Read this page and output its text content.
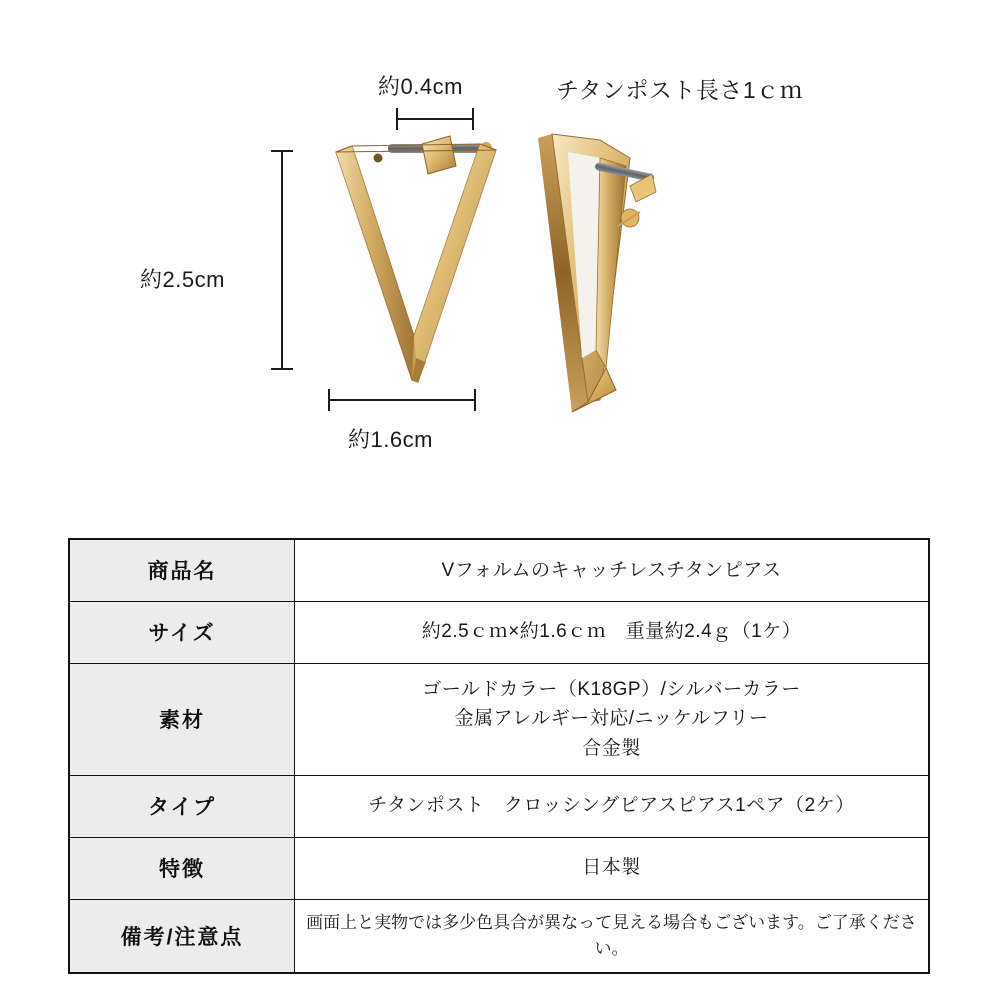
約0.4cm	チタンポスト長さ1ｃｍ
約2.5cm
約1.6cm
商品名	Vフォルムのキャッチレスチタンピアス

サイズ	約2.5ｃｍ×約1.6ｃｍ　重量約2.4ｇ（1ケ）

素材	ゴールドカラー（K18GP）/シルバーカラー
金属アレルギー対応/ニッケルフリー
合金製

タイプ	チタンポスト　クロッシングピアスピアス1ペア（2ケ）

特徴	日本製

備考/注意点	画面上と実物では多少色具合が異なって見える場合もございます。ご了承ください。
